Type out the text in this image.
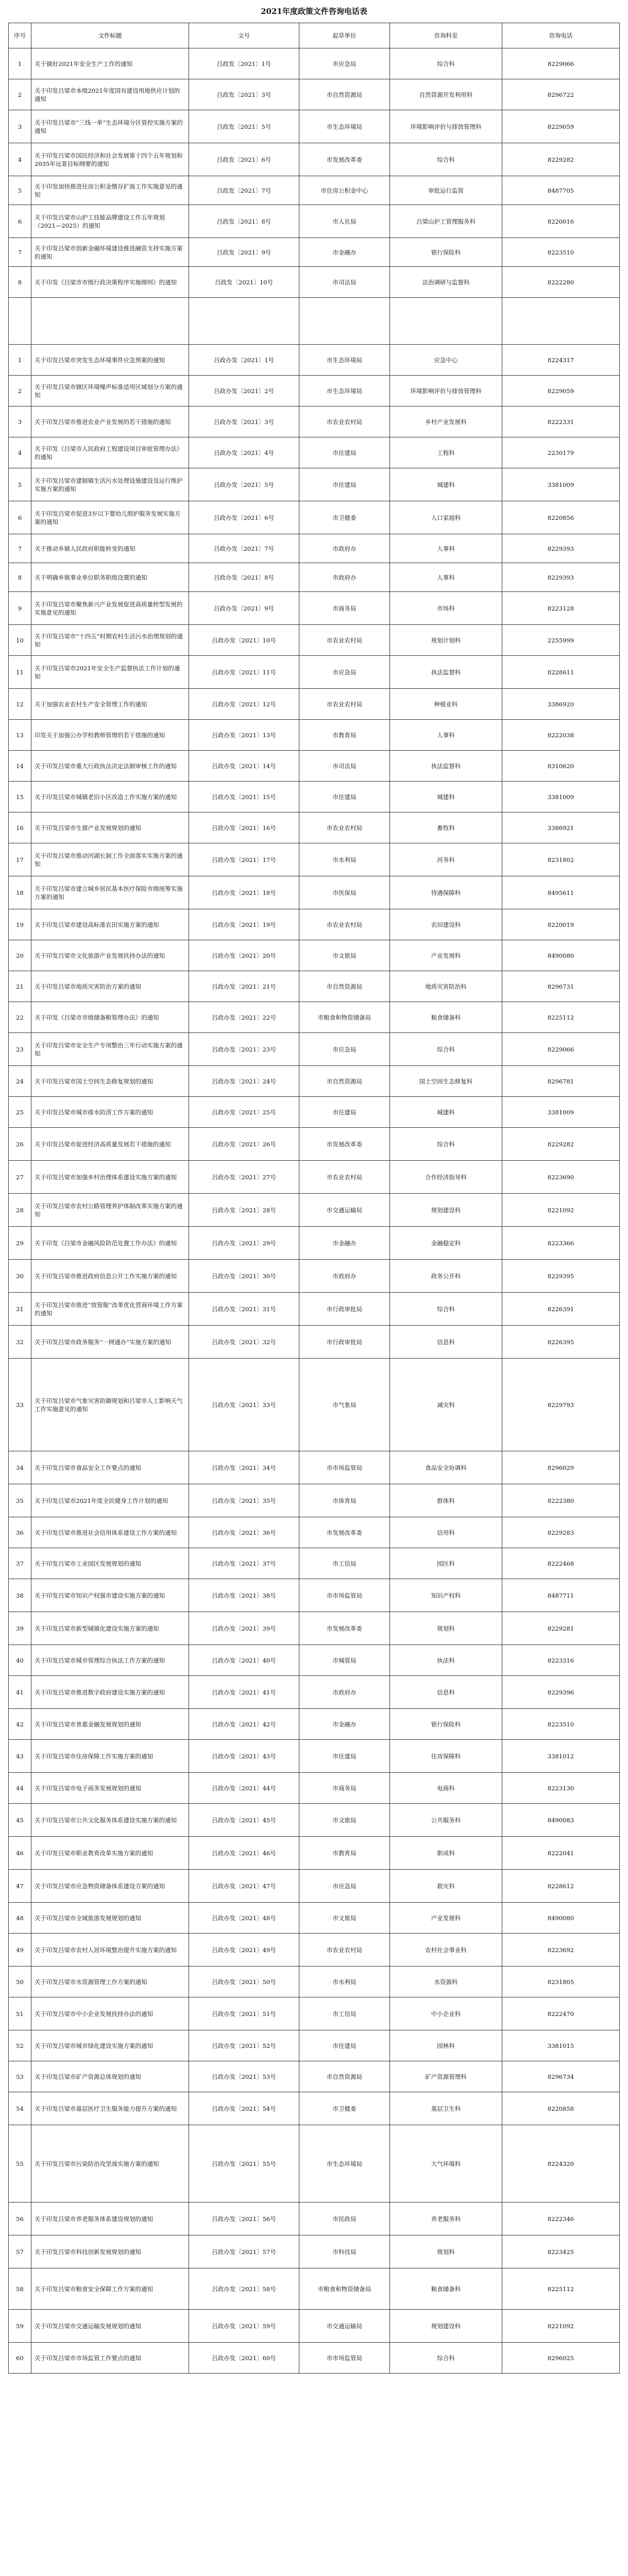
2021年度政策文件咨询电话表
序号	文件标题	文号	起草单位	咨询科室	咨询电话
1	关于做好2021年安全生产工作的通知	吕政发〔2021〕1号	市应急局	综合科	8229066
2	关于印发吕梁市本级2021年度国有建设用地供应计划的通知	吕政发〔2021〕3号	市自然资源局	自然资源开发利用科	8296722
3	关于印发吕梁市“三线一单”生态环境分区管控实施方案的通知	吕政发〔2021〕5号	市生态环境局	环境影响评价与排放管理科	8229059
4	关于印发吕梁市国民经济和社会发展第十四个五年规划和2035年远景目标纲要的通知	吕政发〔2021〕6号	市发展改革委	综合科	8229282
5	关于印发加快推进住房公积金缴存扩面工作实施意见的通知	吕政发〔2021〕7号	市住房公积金中心	审批运行监管	8487705
6	关于印发吕梁市山护工技能品牌建设工作五年规划（2021—2025）的通知	吕政发〔2021〕8号	市人社局	吕梁山护工管理服务科	8220016
7	关于印发吕梁市创新金融环境建设推进融资支持实施方案的通知	吕政发〔2021〕9号	市金融办	银行保险科	8223510
8	关于印发《吕梁市市级行政决策程序实施细则》的通知	吕政发〔2021〕10号	市司法局	法治调研与监督科	8222280

1	关于印发吕梁市突发生态环境事件应急预案的通知	吕政办发〔2021〕1号	市生态环境局	应急中心	8224317
2	关于印发吕梁市辖区环境噪声标准适用区域划分方案的通知	吕政办发〔2021〕2号	市生态环境局	环境影响评价与排放管理科	8229059
3	关于印发吕梁市推进农业产业发展的若干措施的通知	吕政办发〔2021〕3号	市农业农村局	乡村产业发展科	8222331
4	关于印发《吕梁市人民政府工程建设项目审批管理办法》的通知	吕政办发〔2021〕4号	市住建局	工程科	2230179
5	关于印发吕梁市建制镇生活污水处理设施建设及运行维护实施方案的通知	吕政办发〔2021〕5号	市住建局	城建科	3381009
6	关于印发吕梁市促进3岁以下婴幼儿照护服务发展实施方案的通知	吕政办发〔2021〕6号	市卫健委	人口家庭科	8220856
7	关于推动乡镇人民政府职能转变的通知	吕政办发〔2021〕7号	市政府办	人事科	8229393
8	关于明确乡镇事业单位职务职级设置的通知	吕政办发〔2021〕8号	市政府办	人事科	8229393
9	关于印发吕梁市聚焦新兴产业发展促进高质量转型发展的实施意见的通知	吕政办发〔2021〕9号	市商务局	市场科	8223128
10	关于印发吕梁市“十四五”时期农村生活污水治理规划的通知	吕政办发〔2021〕10号	市农业农村局	规划计划科	2255999
11	关于印发吕梁市2021年安全生产监督执法工作计划的通知	吕政办发〔2021〕11号	市应急局	执法监督科	8228611
12	关于加强农业农村生产安全管理工作的通知	吕政办发〔2021〕12号	市农业农村局	种植业科	3386920
13	印发关于加强公办学校教师管理的若干措施的通知	吕政办发〔2021〕13号	市教育局	人事科	8222038
14	关于印发吕梁市重大行政执法决定法制审核工作的通知	吕政办发〔2021〕14号	市司法局	执法监督科	8310620
15	关于印发吕梁市城镇老旧小区改造工作实施方案的通知	吕政办发〔2021〕15号	市住建局	城建科	3381009
16	关于印发吕梁市生猪产业发展规划的通知	吕政办发〔2021〕16号	市农业农村局	畜牧科	3386921
17	关于印发吕梁市推动河湖长制工作全面落实实施方案的通知	吕政办发〔2021〕17号	市水利局	河务科	8231802
18	关于印发吕梁市建立城乡居民基本医疗保险市级统筹实施方案的通知	吕政办发〔2021〕18号	市医保局	待遇保障科	8495611
19	关于印发吕梁市建设高标准农田实施方案的通知	吕政办发〔2021〕19号	市农业农村局	农田建设科	8220019
20	关于印发吕梁市文化旅游产业发展扶持办法的通知	吕政办发〔2021〕20号	市文旅局	产业发展科	8490080
21	关于印发吕梁市地质灾害防治方案的通知	吕政办发〔2021〕21号	市自然资源局	地质灾害防治科	8296731
22	关于印发《吕梁市市级储备粮管理办法》的通知	吕政办发〔2021〕22号	市粮食和物资储备局	粮食储备科	8225112
23	关于印发吕梁市安全生产专项整治三年行动实施方案的通知	吕政办发〔2021〕23号	市应急局	综合科	8229066
24	关于印发吕梁市国土空间生态修复规划的通知	吕政办发〔2021〕24号	市自然资源局	国土空间生态修复科	8296781
25	关于印发吕梁市城市排水防涝工作方案的通知	吕政办发〔2021〕25号	市住建局	城建科	3381009
26	关于印发吕梁市促进经济高质量发展若干措施的通知	吕政办发〔2021〕26号	市发展改革委	综合科	8229282
27	关于印发吕梁市加强乡村治理体系建设实施方案的通知	吕政办发〔2021〕27号	市农业农村局	合作经济指导科	8223690
28	关于印发吕梁市农村公路管理养护体制改革实施方案的通知	吕政办发〔2021〕28号	市交通运输局	规划建设科	8221092
29	关于印发《吕梁市金融风险防范处置工作办法》的通知	吕政办发〔2021〕29号	市金融办	金融稳定科	8223366
30	关于印发吕梁市推进政府信息公开工作实施方案的通知	吕政办发〔2021〕30号	市政府办	政务公开科	8229395
31	关于印发吕梁市推进“放管服”改革优化营商环境工作方案的通知	吕政办发〔2021〕31号	市行政审批局	综合科	8226391
32	关于印发吕梁市政务服务“一网通办”实施方案的通知	吕政办发〔2021〕32号	市行政审批局	信息科	8226395
33	关于印发吕梁市气象灾害防御规划和吕梁市人工影响天气工作实施意见的通知	吕政办发〔2021〕33号	市气象局	减灾科	8229793
34	关于印发吕梁市食品安全工作要点的通知	吕政办发〔2021〕34号	市市场监管局	食品安全协调科	8296029
35	关于印发吕梁市2021年度全民健身工作计划的通知	吕政办发〔2021〕35号	市体育局	群体科	8222380
36	关于印发吕梁市推进社会信用体系建设工作方案的通知	吕政办发〔2021〕36号	市发展改革委	信用科	8229283
37	关于印发吕梁市工业园区发展规划的通知	吕政办发〔2021〕37号	市工信局	园区科	8222468
38	关于印发吕梁市知识产权强市建设实施方案的通知	吕政办发〔2021〕38号	市市场监管局	知识产权科	8487711
39	关于印发吕梁市新型城镇化建设实施方案的通知	吕政办发〔2021〕39号	市发展改革委	规划科	8229281
40	关于印发吕梁市城市管理综合执法工作方案的通知	吕政办发〔2021〕40号	市城管局	执法科	8223316
41	关于印发吕梁市推进数字政府建设实施方案的通知	吕政办发〔2021〕41号	市政府办	信息科	8229396
42	关于印发吕梁市普惠金融发展规划的通知	吕政办发〔2021〕42号	市金融办	银行保险科	8223510
43	关于印发吕梁市住房保障工作实施方案的通知	吕政办发〔2021〕43号	市住建局	住房保障科	3381012
44	关于印发吕梁市电子商务发展规划的通知	吕政办发〔2021〕44号	市商务局	电商科	8223130
45	关于印发吕梁市公共文化服务体系建设实施方案的通知	吕政办发〔2021〕45号	市文旅局	公共服务科	8490083
46	关于印发吕梁市职业教育改革实施方案的通知	吕政办发〔2021〕46号	市教育局	职成科	8222041
47	关于印发吕梁市应急物资储备体系建设方案的通知	吕政办发〔2021〕47号	市应急局	救灾科	8228612
48	关于印发吕梁市全域旅游发展规划的通知	吕政办发〔2021〕48号	市文旅局	产业发展科	8490080
49	关于印发吕梁市农村人居环境整治提升实施方案的通知	吕政办发〔2021〕49号	市农业农村局	农村社会事业科	8223692
50	关于印发吕梁市水资源管理工作方案的通知	吕政办发〔2021〕50号	市水利局	水资源科	8231805
51	关于印发吕梁市中小企业发展扶持办法的通知	吕政办发〔2021〕51号	市工信局	中小企业科	8222470
52	关于印发吕梁市城市绿化建设实施方案的通知	吕政办发〔2021〕52号	市住建局	园林科	3381015
53	关于印发吕梁市矿产资源总体规划的通知	吕政办发〔2021〕53号	市自然资源局	矿产资源管理科	8296734
54	关于印发吕梁市基层医疗卫生服务能力提升方案的通知	吕政办发〔2021〕54号	市卫健委	基层卫生科	8220858
55	关于印发吕梁市污染防治攻坚战实施方案的通知	吕政办发〔2021〕55号	市生态环境局	大气环境科	8224320
56	关于印发吕梁市养老服务体系建设规划的通知	吕政办发〔2021〕56号	市民政局	养老服务科	8222346
57	关于印发吕梁市科技创新发展规划的通知	吕政办发〔2021〕57号	市科技局	规划科	8223425
58	关于印发吕梁市粮食安全保障工作方案的通知	吕政办发〔2021〕58号	市粮食和物资储备局	粮食储备科	8225112
59	关于印发吕梁市交通运输发展规划的通知	吕政办发〔2021〕59号	市交通运输局	规划建设科	8221092
60	关于印发吕梁市市场监管工作要点的通知	吕政办发〔2021〕60号	市市场监管局	综合科	8296025
